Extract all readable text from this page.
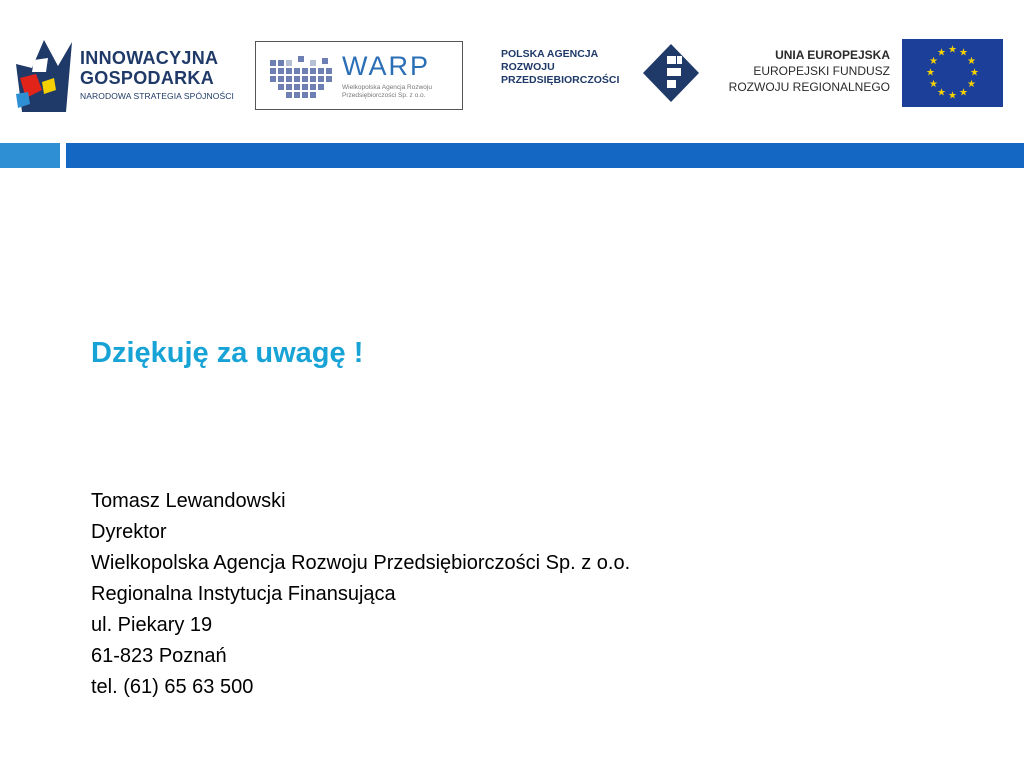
INNOWACYJNA
GOSPODARKA
NARODOWA STRATEGIA SPÓJNOŚCI
WARP
Wielkopolska Agencja Rozwoju
Przedsiębiorczości Sp. z o.o.
POLSKA AGENCJA
ROZWOJU
PRZEDSIĘBIORCZOŚCI
UNIA EUROPEJSKA
EUROPEJSKI FUNDUSZ
ROZWOJU REGIONALNEGO
★ ★
★
★
★
★
★
★
★
★
★
★
Dziękuję za uwagę !
Tomasz Lewandowski
Dyrektor
Wielkopolska Agencja Rozwoju Przedsiębiorczości Sp. z o.o.
Regionalna Instytucja Finansująca
ul. Piekary 19
61-823 Poznań
tel. (61) 65 63 500
